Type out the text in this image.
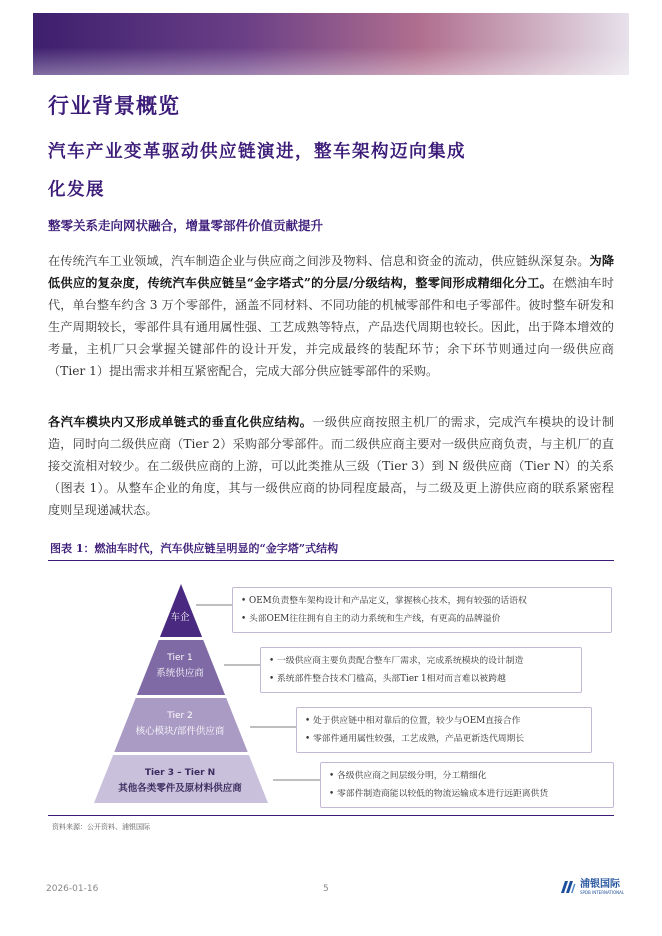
行业背景概览
汽车产业变革驱动供应链演进，整车架构迈向集成
化发展
整零关系走向网状融合，增量零部件价值贡献提升
在传统汽车工业领域，汽车制造企业与供应商之间涉及物料、信息和资金的流动，供应链纵深复杂。为降低供应的复杂度，传统汽车供应链呈“金字塔式”的分层/分级结构，整零间形成精细化分工。在燃油车时代，单台整车约含 3 万个零部件，涵盖不同材料、不同功能的机械零部件和电子零部件。彼时整车研发和生产周期较长，零部件具有通用属性强、工艺成熟等特点，产品迭代周期也较长。因此，出于降本增效的考量，主机厂只会掌握关键部件的设计开发，并完成最终的装配环节；余下环节则通过向一级供应商（Tier 1）提出需求并相互紧密配合，完成大部分供应链零部件的采购。
各汽车模块内又形成单链式的垂直化供应结构。一级供应商按照主机厂的需求，完成汽车模块的设计制造，同时向二级供应商（Tier 2）采购部分零部件。而二级供应商主要对一级供应商负责，与主机厂的直接交流相对较少。在二级供应商的上游，可以此类推从三级（Tier 3）到 N 级供应商（Tier N）的关系（图表 1）。从整车企业的角度，其与一级供应商的协同程度最高，与二级及更上游供应商的联系紧密程度则呈现递减状态。
图表 1：燃油车时代，汽车供应链呈明显的“金字塔”式结构
车企
Tier 1
系统供应商
Tier 2
核心模块/部件供应商
Tier 3 – Tier N
其他各类零件及原材料供应商
• OEM负责整车架构设计和产品定义，掌握核心技术，拥有较强的话语权
• 头部OEM往往拥有自主的动力系统和生产线，有更高的品牌溢价
• 一级供应商主要负责配合整车厂需求，完成系统模块的设计制造
• 系统部件整合技术门槛高，头部Tier 1相对而言难以被跨越
• 处于供应链中相对靠后的位置，较少与OEM直接合作
• 零部件通用属性较强，工艺成熟，产品更新迭代周期长
• 各级供应商之间层级分明，分工精细化
• 零部件制造商能以较低的物流运输成本进行远距离供货
资料来源：公开资料、浦银国际
2026-01-16	5	浦银国际
SPDB INTERNATIONAL
